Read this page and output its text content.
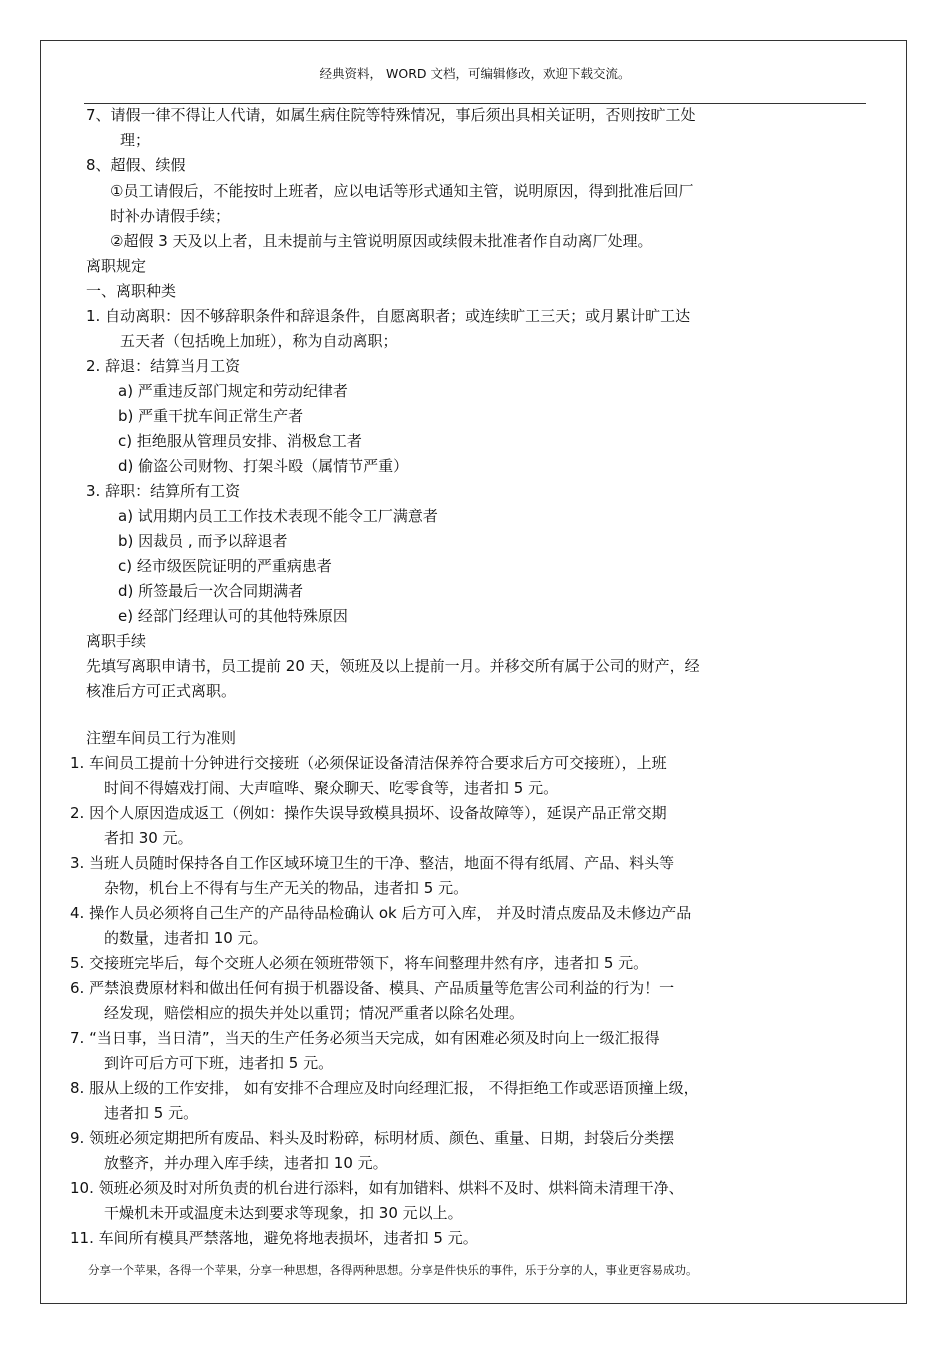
经典资料， WORD 文档，可编辑修改，欢迎下载交流。
7、请假一律不得让人代请，如属生病住院等特殊情况，事后须出具相关证明，否则按旷工处
理；
8、超假、续假
①员工请假后，不能按时上班者，应以电话等形式通知主管，说明原因，得到批准后回厂
时补办请假手续；
②超假 3 天及以上者，且未提前与主管说明原因或续假未批准者作自动离厂处理。
离职规定
一、离职种类
1. 自动离职：因不够辞职条件和辞退条件，自愿离职者；或连续旷工三天；或月累计旷工达
五天者（包括晚上加班），称为自动离职；
2. 辞退：结算当月工资
a) 严重违反部门规定和劳动纪律者
b) 严重干扰车间正常生产者
c) 拒绝服从管理员安排、消极怠工者
d) 偷盗公司财物、打架斗殴（属情节严重）
3. 辞职：结算所有工资
a) 试用期内员工工作技术表现不能令工厂满意者
b) 因裁员 , 而予以辞退者
c) 经市级医院证明的严重病患者
d) 所签最后一次合同期满者
e) 经部门经理认可的其他特殊原因
离职手续
先填写离职申请书，员工提前 20 天，领班及以上提前一月。并移交所有属于公司的财产，经
核准后方可正式离职。
注塑车间员工行为准则
1. 车间员工提前十分钟进行交接班（必须保证设备清洁保养符合要求后方可交接班），上班
时间不得嬉戏打闹、大声喧哗、聚众聊天、吃零食等，违者扣 5 元。
2. 因个人原因造成返工（例如：操作失误导致模具损坏、设备故障等），延误产品正常交期
者扣 30 元。
3. 当班人员随时保持各自工作区域环境卫生的干净、整洁，地面不得有纸屑、产品、料头等
杂物，机台上不得有与生产无关的物品，违者扣 5 元。
4. 操作人员必须将自己生产的产品待品检确认 ok 后方可入库， 并及时清点废品及未修边产品
的数量，违者扣 10 元。
5. 交接班完毕后，每个交班人必须在领班带领下，将车间整理井然有序，违者扣 5 元。
6. 严禁浪费原材料和做出任何有损于机器设备、模具、产品质量等危害公司利益的行为！一
经发现，赔偿相应的损失并处以重罚；情况严重者以除名处理。
7. “当日事，当日清”，当天的生产任务必须当天完成，如有困难必须及时向上一级汇报得
到许可后方可下班，违者扣 5 元。
8. 服从上级的工作安排， 如有安排不合理应及时向经理汇报， 不得拒绝工作或恶语顶撞上级，
违者扣 5 元。
9. 领班必须定期把所有废品、料头及时粉碎，标明材质、颜色、重量、日期，封袋后分类摆
放整齐，并办理入库手续，违者扣 10 元。
10. 领班必须及时对所负责的机台进行添料，如有加错料、烘料不及时、烘料筒未清理干净、
干燥机未开或温度未达到要求等现象，扣 30 元以上。
11. 车间所有模具严禁落地，避免将地表损坏，违者扣 5 元。
分享一个苹果，各得一个苹果，分享一种思想，各得两种思想。分享是件快乐的事件，乐于分享的人，事业更容易成功。
